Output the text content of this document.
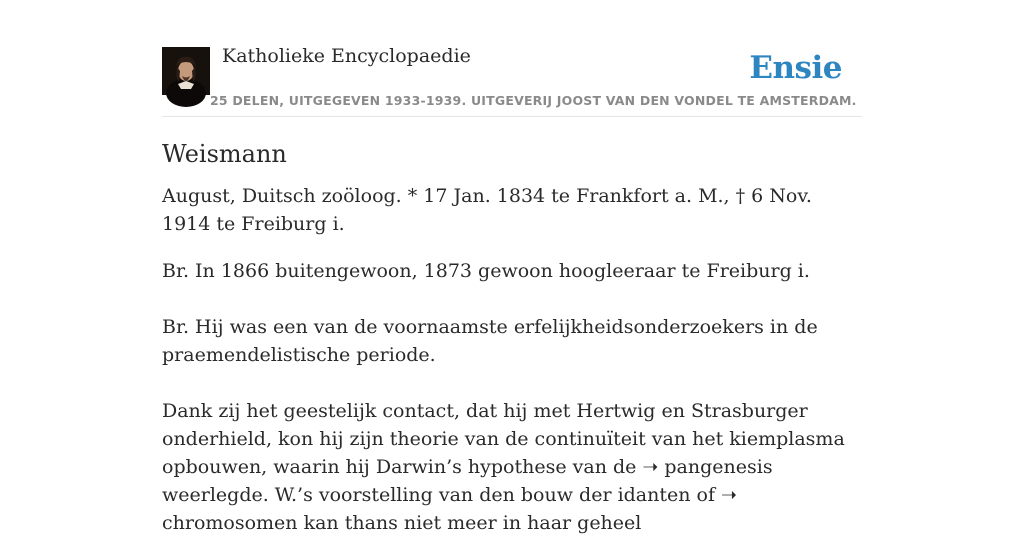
Katholieke Encyclopaedie	Ensie
25 DELEN, UITGEGEVEN 1933-1939. UITGEVERIJ JOOST VAN DEN VONDEL TE AMSTERDAM.
Weismann

August, Duitsch zoöloog. * 17 Jan. 1834 te Frankfort a. M., † 6 Nov. 1914 te Freiburg i.

Br. In 1866 buitengewoon, 1873 gewoon hoogleeraar te Freiburg i.

Br. Hij was een van de voornaamste erfelijkheidsonderzoekers in de praemendelistische periode.

Dank zij het geestelijk contact, dat hij met Hertwig en Strasburger onderhield, kon hij zijn theorie van de continuïteit van het kiemplasma opbouwen, waarin hij Darwin’s hypothese van de ➝ pangenesis weerlegde. W.’s voorstelling van den bouw der idanten of ➝ chromosomen kan thans niet meer in haar geheel
